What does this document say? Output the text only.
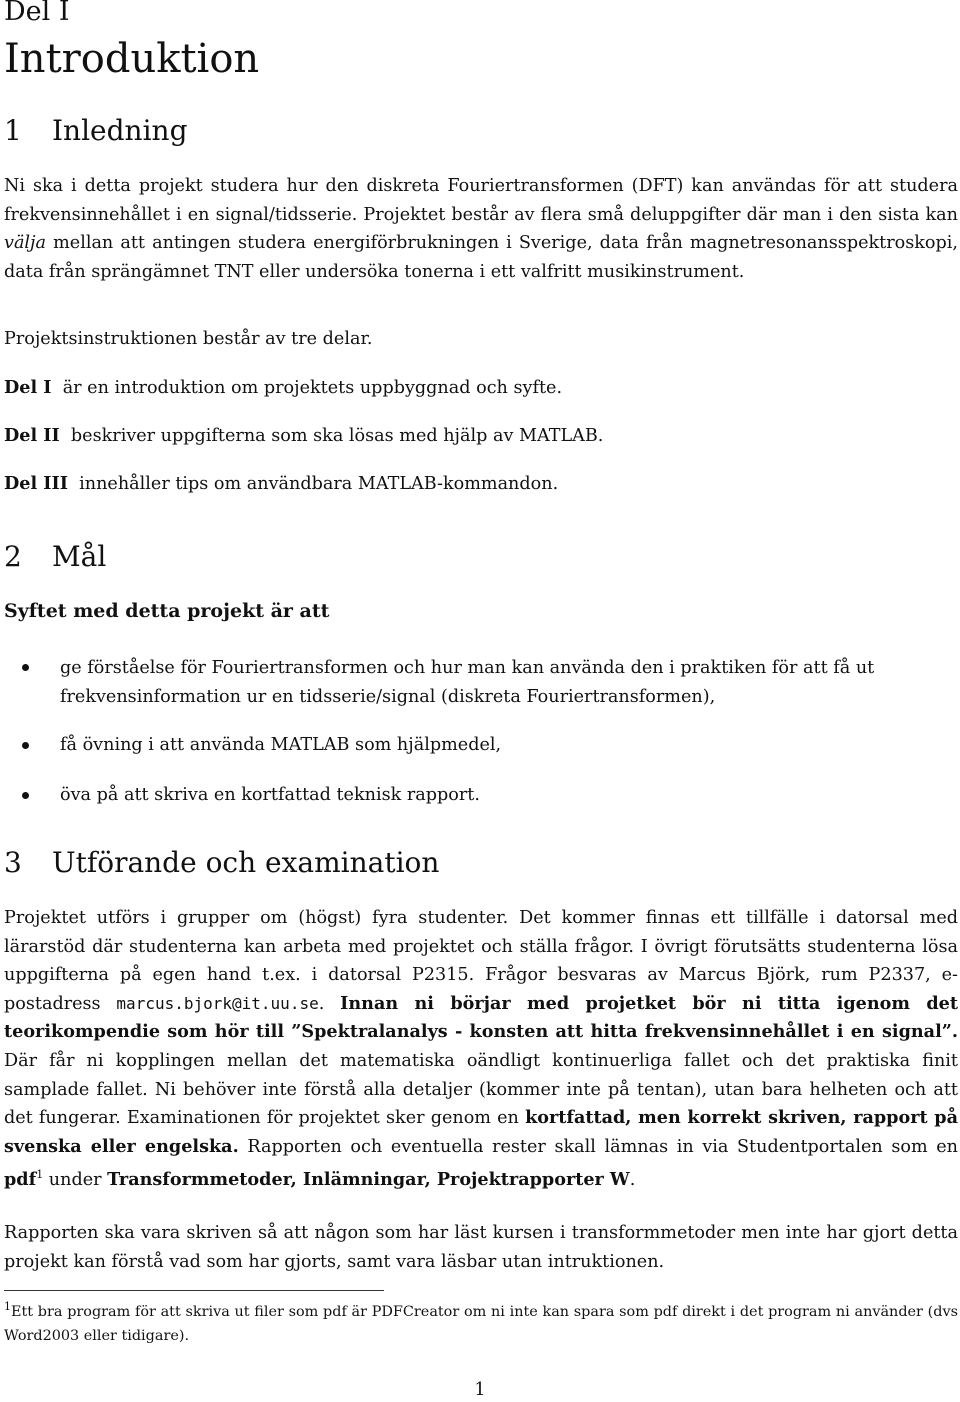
Del I
Introduktion
1 Inledning

Ni ska i detta projekt studera hur den diskreta Fouriertransformen (DFT) kan användas för att studera frekvensinnehållet i en signal/tidsserie. Projektet består av flera små deluppgifter där man i den sista kan välja mellan att antingen studera energiförbrukningen i Sverige, data från magnetresonansspektroskopi, data från sprängämnet TNT eller undersöka tonerna i ett valfritt musikinstrument.

Projektsinstruktionen består av tre delar.
Del I är en introduktion om projektets uppbyggnad och syfte.
Del II beskriver uppgifterna som ska lösas med hjälp av MATLAB.
Del III innehåller tips om användbara MATLAB-kommandon.
2 Mål
Syftet med detta projekt är att

ge förståelse för Fouriertransformen och hur man kan använda den i praktiken för att få ut frekvensinformation ur en tidsserie/signal (diskreta Fouriertransformen),

få övning i att använda MATLAB som hjälpmedel,

öva på att skriva en kortfattad teknisk rapport.

3 Utförande och examination

Projektet utförs i grupper om (högst) fyra studenter. Det kommer finnas ett tillfälle i datorsal med lärarstöd där studenterna kan arbeta med projektet och ställa frågor. I övrigt förutsätts studenterna lösa uppgifterna på egen hand t.ex. i datorsal P2315. Frågor besvaras av Marcus Björk, rum P2337, e-postadress marcus.bjork@it.uu.se. Innan ni börjar med projetket bör ni titta igenom det teorikompendie som hör till ”Spektralanalys - konsten att hitta frekvensinnehållet i en signal”. Där får ni kopplingen mellan det matematiska oändligt kontinuerliga fallet och det praktiska finit samplade fallet. Ni behöver inte förstå alla detaljer (kommer inte på tentan), utan bara helheten och att det fungerar. Examinationen för projektet sker genom en kortfattad, men korrekt skriven, rapport på svenska eller engelska. Rapporten och eventuella rester skall lämnas in via Studentportalen som en pdf$^1$ under Transformmetoder, Inlämningar, Projektrapporter W.

Rapporten ska vara skriven så att någon som har läst kursen i transformmetoder men inte har gjort detta projekt kan förstå vad som har gjorts, samt vara läsbar utan intruktionen.

$^1$Ett bra program för att skriva ut filer som pdf är PDFCreator om ni inte kan spara som pdf direkt i det program ni använder (dvs Word2003 eller tidigare).

1
